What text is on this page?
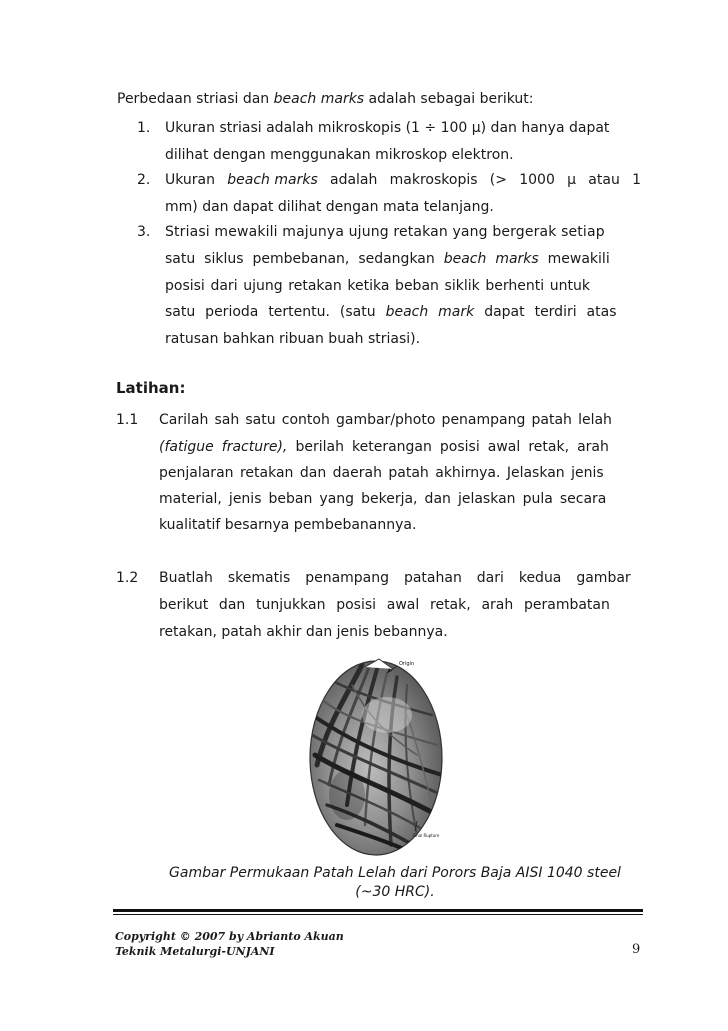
Perbedaan striasi dan beach marks adalah sebagai berikut:
1. Ukuran striasi adalah mikroskopis (1 ÷ 100 µ) dan hanya dapat
dilihat dengan menggunakan mikroskop elektron.
2. Ukuran beach marks adalah makroskopis (> 1000 µ atau 1
mm) dan dapat dilihat dengan mata telanjang.
3. Striasi mewakili majunya ujung retakan yang bergerak setiap
satu siklus pembebanan, sedangkan beach marks mewakili
posisi dari ujung retakan ketika beban siklik berhenti untuk
satu perioda tertentu. (satu beach mark dapat terdiri atas
ratusan bahkan ribuan buah striasi).
Latihan:
1.1 Carilah sah satu contoh gambar/photo penampang patah lelah
(fatigue fracture), berilah keterangan posisi awal retak, arah
penjalaran retakan dan daerah patah akhirnya. Jelaskan jenis
material, jenis beban yang bekerja, dan jelaskan pula secara
kualitatif besarnya pembebanannya.
1.2 Buatlah skematis penampang patahan dari kedua gambar
berikut dan tunjukkan posisi awal retak, arah perambatan
retakan, patah akhir dan jenis bebannya.
Origin
Final Rupture
Gambar Permukaan Patah Lelah dari Porors Baja AISI 1040 steel
(~30 HRC).
Copyright © 2007 by Abrianto Akuan
Teknik Metalurgi-UNJANI	9
